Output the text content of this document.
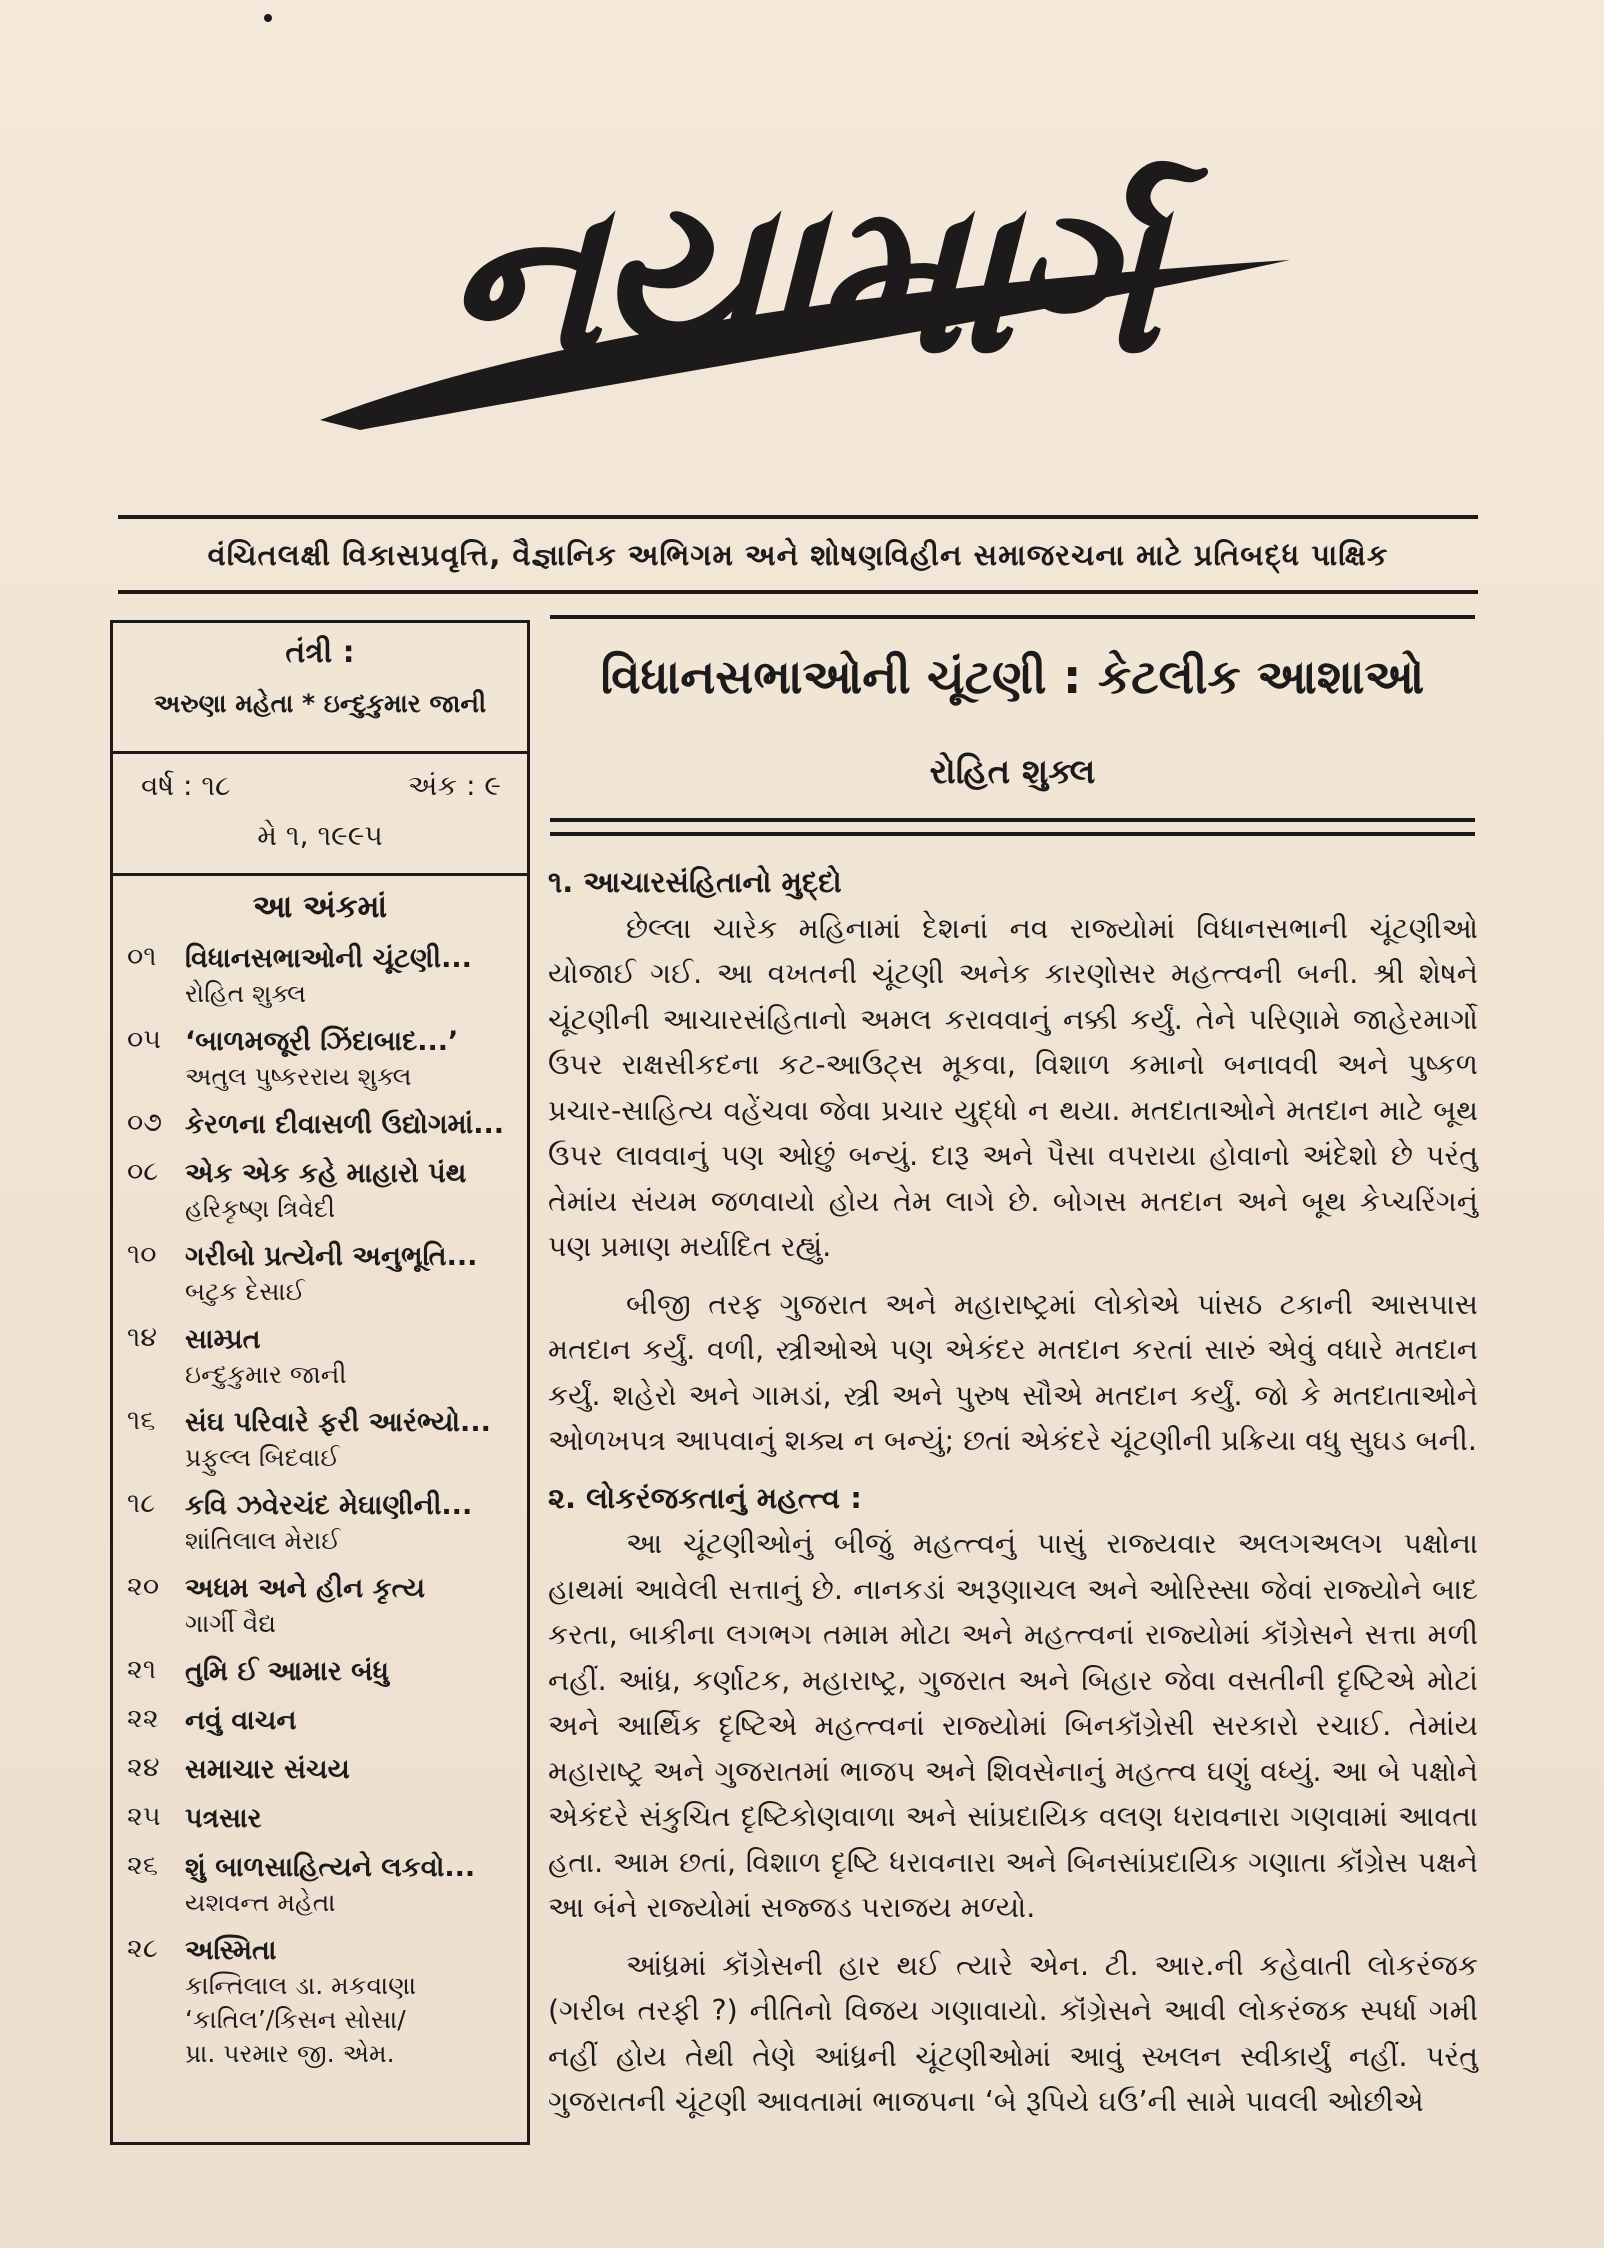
નયામાર્ગ
વંચિતલક્ષી વિકાસપ્રવૃત્તિ, વૈજ્ઞાનિક અભિગમ અને શોષણવિહીન સમાજરચના માટે પ્રતિબદ્ધ પાક્ષિક
તંત્રી :
અરુણા મહેતા * ઇન્દુકુમાર જાની
વર્ષ : ૧૮	અંક : ૯
મે ૧, ૧૯૯૫
આ અંકમાં
૦૧	વિધાનસભાઓની ચૂંટણી...
રોહિત શુક્લ
૦૫ ‘બાળમજૂરી ઝિંદાબાદ...’
અતુલ પુષ્કરરાય શુક્લ
૦૭ કેરળના દીવાસળી ઉદ્યોગમાં...
૦૮ એક એક કહે માહારો પંથ
હરિકૃષ્ણ ત્રિવેદી
૧૦	ગરીબો પ્રત્યેની અનુભૂતિ...
બટુક દેસાઈ
૧૪	સામ્પ્રત
ઇન્દુકુમાર જાની
૧૬	સંઘ પરિવારે ફરી આરંભ્યો...
પ્રફુલ્લ બિદવાઈ
૧૮	કવિ ઝવેરચંદ મેઘાણીની...
શાંતિલાલ મેરાઈ
૨૦ અધમ અને હીન કૃત્ય
ગાર્ગી વૈદ્ય
૨૧	તુમિ ઈ આમાર બંધુ
૨૨ નવું વાચન
૨૪ સમાચાર સંચય
૨૫ પત્રસાર
૨૬	શું બાળસાહિત્યને લકવો...
યશવન્ત મહેતા
૨૮	અસ્મિતા
કાન્તિલાલ ડા. મકવાણા
‘કાતિલ’/કિસન સોસા/
પ્રા. પરમાર જી. એમ.
વિધાનસભાઓની ચૂંટણી : કેટલીક આશાઓ
રોહિત શુક્લ

૧. આચારસંહિતાનો મુદ્દો

છેલ્લા ચારેક મહિનામાં દેશનાં નવ રાજ્યોમાં વિધાનસભાની ચૂંટણીઓ યોજાઈ ગઈ. આ વખતની ચૂંટણી અનેક કારણોસર મહત્ત્વની બની. શ્રી શેષને ચૂંટણીની આચારસંહિતાનો અમલ કરાવવાનું નક્કી કર્યું. તેને પરિણામે જાહેરમાર્ગો ઉપર રાક્ષસીકદના કટ-આઉટ્સ મૂકવા, વિશાળ કમાનો બનાવવી અને પુષ્કળ પ્રચાર-સાહિત્ય વહેંચવા જેવા પ્રચાર યુદ્ધો ન થયા. મતદાતાઓને મતદાન માટે બૂથ ઉપર લાવવાનું પણ ઓછું બન્યું. દારૂ અને પૈસા વપરાયા હોવાનો અંદેશો છે પરંતુ તેમાંય સંયમ જળવાયો હોય તેમ લાગે છે. બોગસ મતદાન અને બૂથ કેપ્ચરિંગનું પણ પ્રમાણ મર્યાદિત રહ્યું.

બીજી તરફ ગુજરાત અને મહારાષ્ટ્રમાં લોકોએ પાંસઠ ટકાની આસપાસ મતદાન કર્યું. વળી, સ્ત્રીઓએ પણ એકંદર મતદાન કરતાં સારું એવું વધારે મતદાન કર્યું. શહેરો અને ગામડાં, સ્ત્રી અને પુરુષ સૌએ મતદાન કર્યું. જો કે મતદાતાઓને ઓળખપત્ર આપવાનું શક્ય ન બન્યું; છતાં એકંદરે ચૂંટણીની પ્રક્રિયા વધુ સુઘડ બની.

૨. લોકરંજકતાનું મહત્ત્વ :

આ ચૂંટણીઓનું બીજું મહત્ત્વનું પાસું રાજ્યવાર અલગઅલગ પક્ષોના હાથમાં આવેલી સત્તાનું છે. નાનકડાં અરૂણાચલ અને ઓરિસ્સા જેવાં રાજ્યોને બાદ કરતા, બાકીના લગભગ તમામ મોટા અને મહત્ત્વનાં રાજ્યોમાં કૉંગ્રેસને સત્તા મળી નહીં. આંધ્ર, કર્ણાટક, મહારાષ્ટ્ર, ગુજરાત અને બિહાર જેવા વસતીની દૃષ્ટિએ મોટાં અને આર્થિક દૃષ્ટિએ મહત્ત્વનાં રાજ્યોમાં બિનકૉંગ્રેસી સરકારો રચાઈ. તેમાંય મહારાષ્ટ્ર અને ગુજરાતમાં ભાજપ અને શિવસેનાનું મહત્ત્વ ઘણું વધ્યું. આ બે પક્ષોને એકંદરે સંકુચિત દૃષ્ટિકોણવાળા અને સાંપ્રદાયિક વલણ ધરાવનારા ગણવામાં આવતા હતા. આમ છતાં, વિશાળ દૃષ્ટિ ધરાવનારા અને બિનસાંપ્રદાયિક ગણાતા કૉંગ્રેસ પક્ષને આ બંને રાજ્યોમાં સજ્જડ પરાજય મળ્યો.

આંધ્રમાં કૉંગ્રેસની હાર થઈ ત્યારે એન. ટી. આર.ની કહેવાતી લોકરંજક (ગરીબ તરફી ?) નીતિનો વિજય ગણાવાયો. કૉંગ્રેસને આવી લોકરંજક સ્પર્ધા ગમી નહીં હોય તેથી તેણે આંધ્રની ચૂંટણીઓમાં આવું સ્ખલન સ્વીકાર્યું નહીં. પરંતુ ગુજરાતની ચૂંટણી આવતામાં ભાજપના ‘બે રૂપિયે ઘઉ’ની સામે પાવલી ઓછીએ
